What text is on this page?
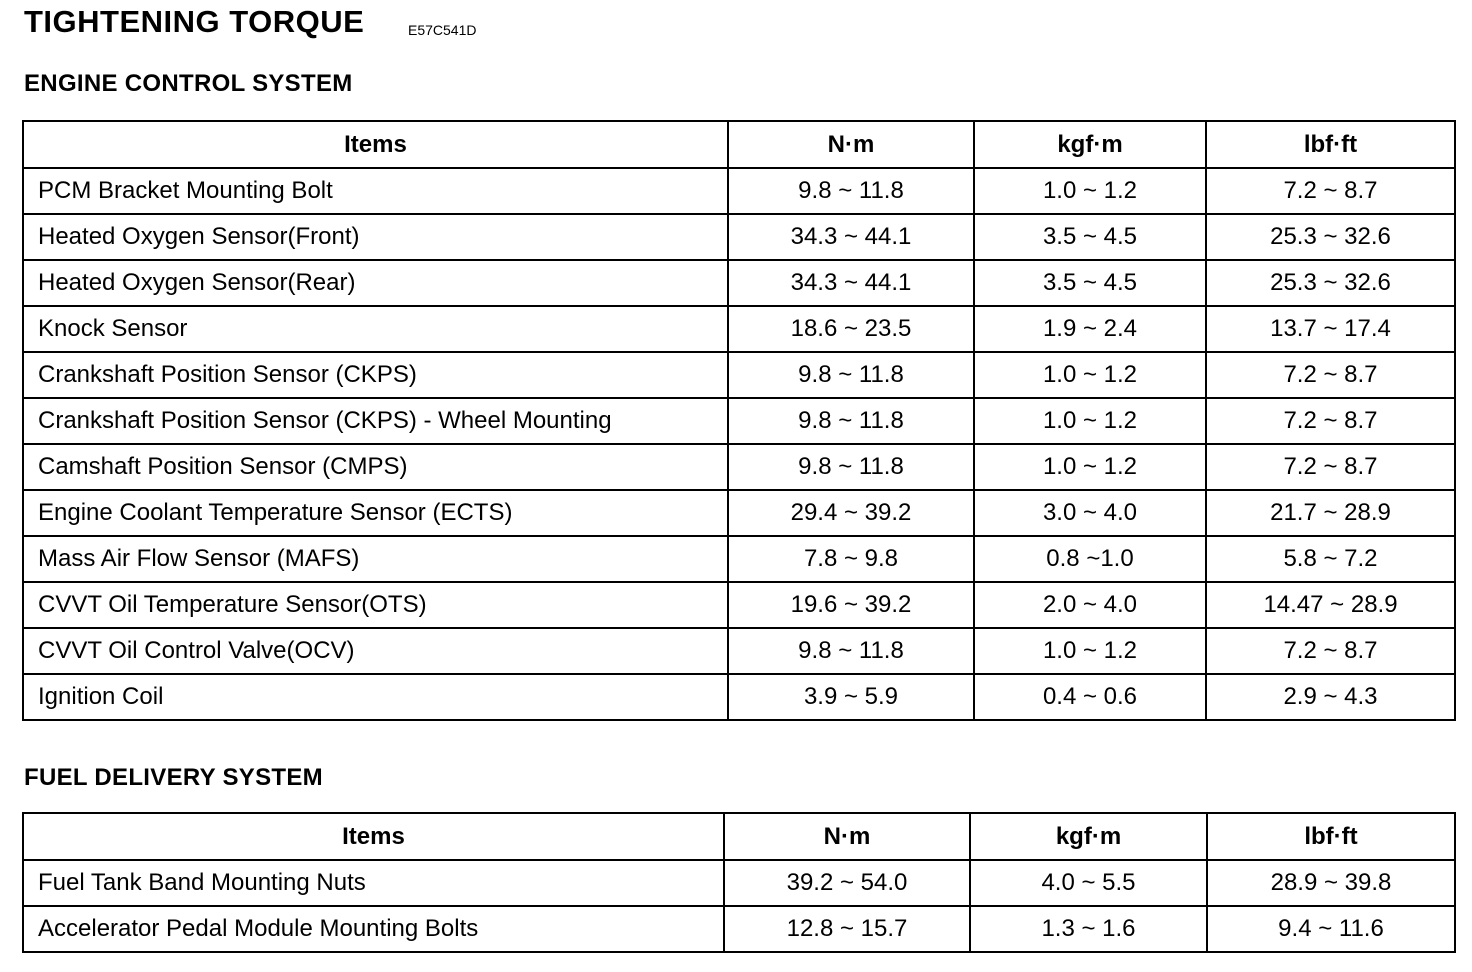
TIGHTENING TORQUE	E57C541D
ENGINE CONTROL SYSTEM
Items	N·m	kgf·m	lbf·ft
PCM Bracket Mounting Bolt	9.8 ~ 11.8	1.0 ~ 1.2	7.2 ~ 8.7
Heated Oxygen Sensor(Front)	34.3 ~ 44.1	3.5 ~ 4.5	25.3 ~ 32.6
Heated Oxygen Sensor(Rear)	34.3 ~ 44.1	3.5 ~ 4.5	25.3 ~ 32.6
Knock Sensor	18.6 ~ 23.5	1.9 ~ 2.4	13.7 ~ 17.4
Crankshaft Position Sensor (CKPS)	9.8 ~ 11.8	1.0 ~ 1.2	7.2 ~ 8.7
Crankshaft Position Sensor (CKPS) - Wheel Mounting	9.8 ~ 11.8	1.0 ~ 1.2	7.2 ~ 8.7
Camshaft Position Sensor (CMPS)	9.8 ~ 11.8	1.0 ~ 1.2	7.2 ~ 8.7
Engine Coolant Temperature Sensor (ECTS)	29.4 ~ 39.2	3.0 ~ 4.0	21.7 ~ 28.9
Mass Air Flow Sensor (MAFS)	7.8 ~ 9.8	0.8 ~1.0	5.8 ~ 7.2
CVVT Oil Temperature Sensor(OTS)	19.6 ~ 39.2	2.0 ~ 4.0	14.47 ~ 28.9
CVVT Oil Control Valve(OCV)	9.8 ~ 11.8	1.0 ~ 1.2	7.2 ~ 8.7
Ignition Coil	3.9 ~ 5.9	0.4 ~ 0.6	2.9 ~ 4.3
FUEL DELIVERY SYSTEM
Items	N·m	kgf·m	lbf·ft
Fuel Tank Band Mounting Nuts	39.2 ~ 54.0	4.0 ~ 5.5	28.9 ~ 39.8
Accelerator Pedal Module Mounting Bolts	12.8 ~ 15.7	1.3 ~ 1.6	9.4 ~ 11.6
